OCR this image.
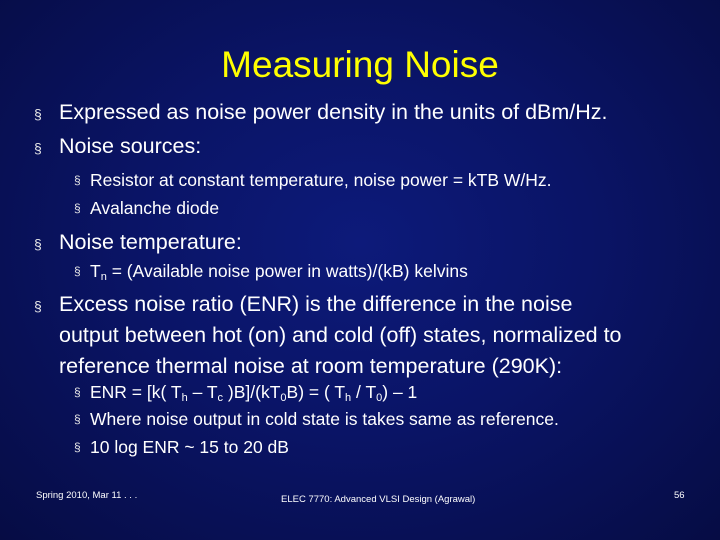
Measuring Noise
§ Expressed as noise power density in the units of dBm/Hz.
§ Noise sources:
§ Resistor at constant temperature, noise power = kTB W/Hz.
§ Avalanche diode
§ Noise temperature:
§ $T_n$ = (Available noise power in watts)/(kB) kelvins
§ Excess noise ratio (ENR) is the difference in the noise
output between hot (on) and cold (off) states, normalized to
reference thermal noise at room temperature (290K):
§ ENR = [k( $T_h - T_c$ )$B]/(kT_0B)$ = ( $T_h / T_0) - 1$
§ Where noise output in cold state is takes same as reference.
§ 10 log ENR ~ 15 to 20 dB
Spring 2010, Mar 11 . . .	ELEC 7770: Advanced VLSI Design (Agrawal)	56
